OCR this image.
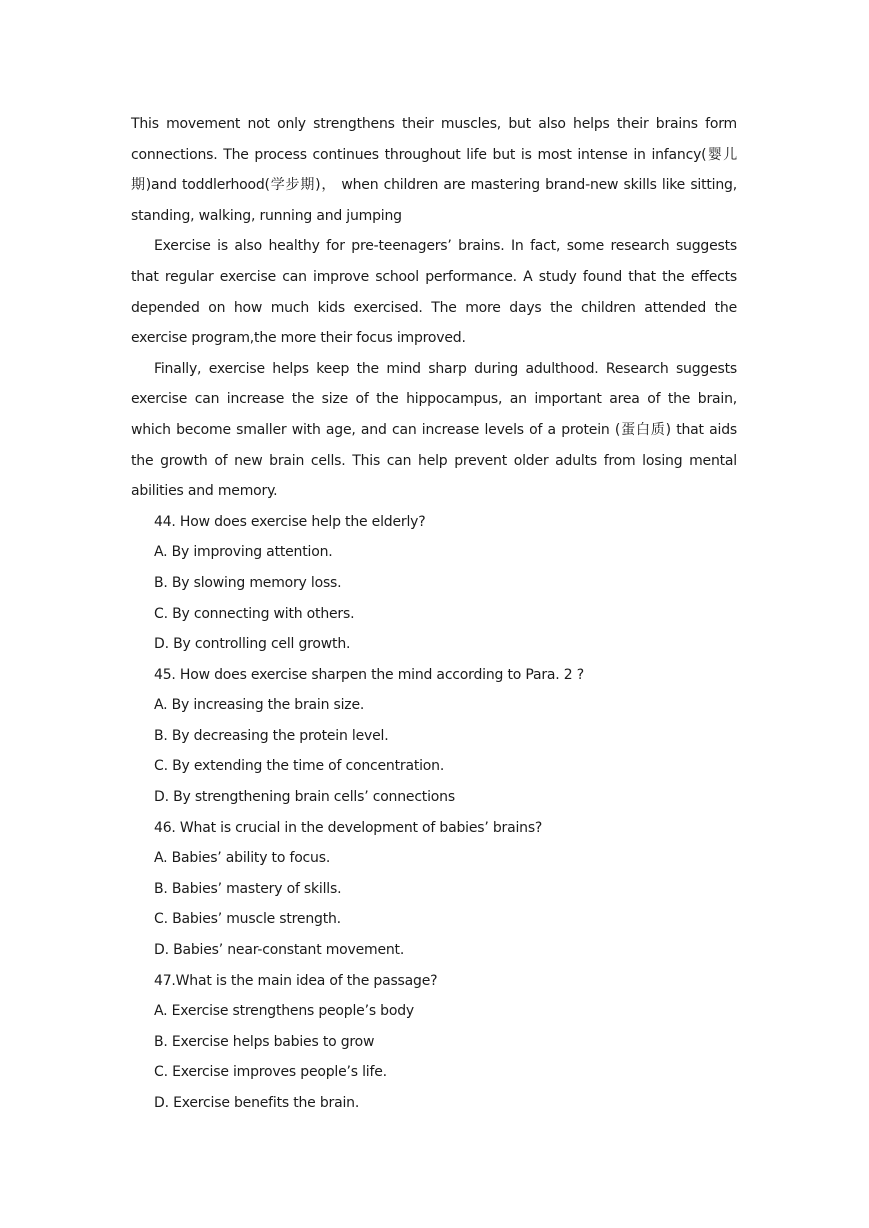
This movement not only strengthens their muscles, but also helps their brains form connections. The process continues throughout life but is most intense in infancy(婴儿期)and toddlerhood(学步期)， when children are mastering brand-new skills like sitting, standing, walking, running and jumping

Exercise is also healthy for pre-teenagers’ brains. In fact, some research suggests that regular exercise can improve school performance. A study found that the effects depended on how much kids exercised. The more days the children attended the exercise program,the more their focus improved.

Finally, exercise helps keep the mind sharp during adulthood. Research suggests exercise can increase the size of the hippocampus, an important area of the brain, which become smaller with age, and can increase levels of a protein (蛋白质) that aids the growth of new brain cells. This can help prevent older adults from losing mental abilities and memory.

44. How does exercise help the elderly?

A. By improving attention.

B. By slowing memory loss.

C. By connecting with others.

D. By controlling cell growth.

45. How does exercise sharpen the mind according to Para. 2 ?

A. By increasing the brain size.

B. By decreasing the protein level.

C. By extending the time of concentration.

D. By strengthening brain cells’ connections

46. What is crucial in the development of babies’ brains?

A. Babies’ ability to focus.

B. Babies’ mastery of skills.

C. Babies’ muscle strength.

D. Babies’ near-constant movement.

47.What is the main idea of the passage?

A. Exercise strengthens people’s body

B. Exercise helps babies to grow

C. Exercise improves people’s life.

D. Exercise benefits the brain.
